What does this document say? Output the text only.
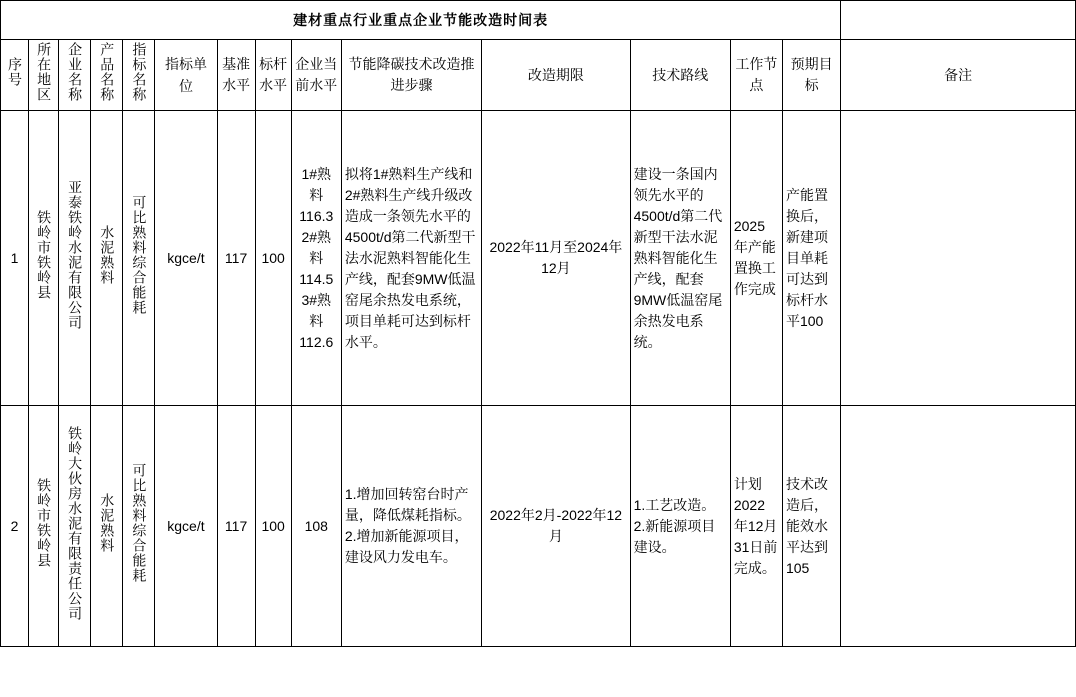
建材重点行业重点企业节能改造时间表														
序号	所在地区	企业名称	产品名称	指标名称	指标单位	基准水平	标杆水平	企业当前水平	节能降碳技术改造推进步骤	改造期限	技术路线	工作节点	预期目标	备注
1	铁岭市铁岭县	亚泰铁岭水泥有限公司	水泥熟料	可比熟料综合能耗	kgce/t	117	100	1#熟料116.3 2#熟料114.5 3#熟料112.6	拟将1#熟料生产线和2#熟料生产线升级改造成一条领先水平的4500t/d第二代新型干法水泥熟料智能化生产线，配套9MW低温窑尾余热发电系统，项目单耗可达到标杆水平。	2022年11月至2024年12月	建设一条国内领先水平的4500t/d第二代新型干法水泥熟料智能化生产线，配套9MW低温窑尾余热发电系统。	2025年产能置换工作完成	产能置换后，新建项目单耗可达到标杆水平100	
2	铁岭市铁岭县	铁岭大伙房水泥有限责任公司	水泥熟料	可比熟料综合能耗	kgce/t	117	100	108	1.增加回转窑台时产量，降低煤耗指标。2.增加新能源项目，建设风力发电车。	2022年2月-2022年12月	1.工艺改造。2.新能源项目建设。	计划2022年12月31日前完成。	技术改造后，能效水平达到105	
